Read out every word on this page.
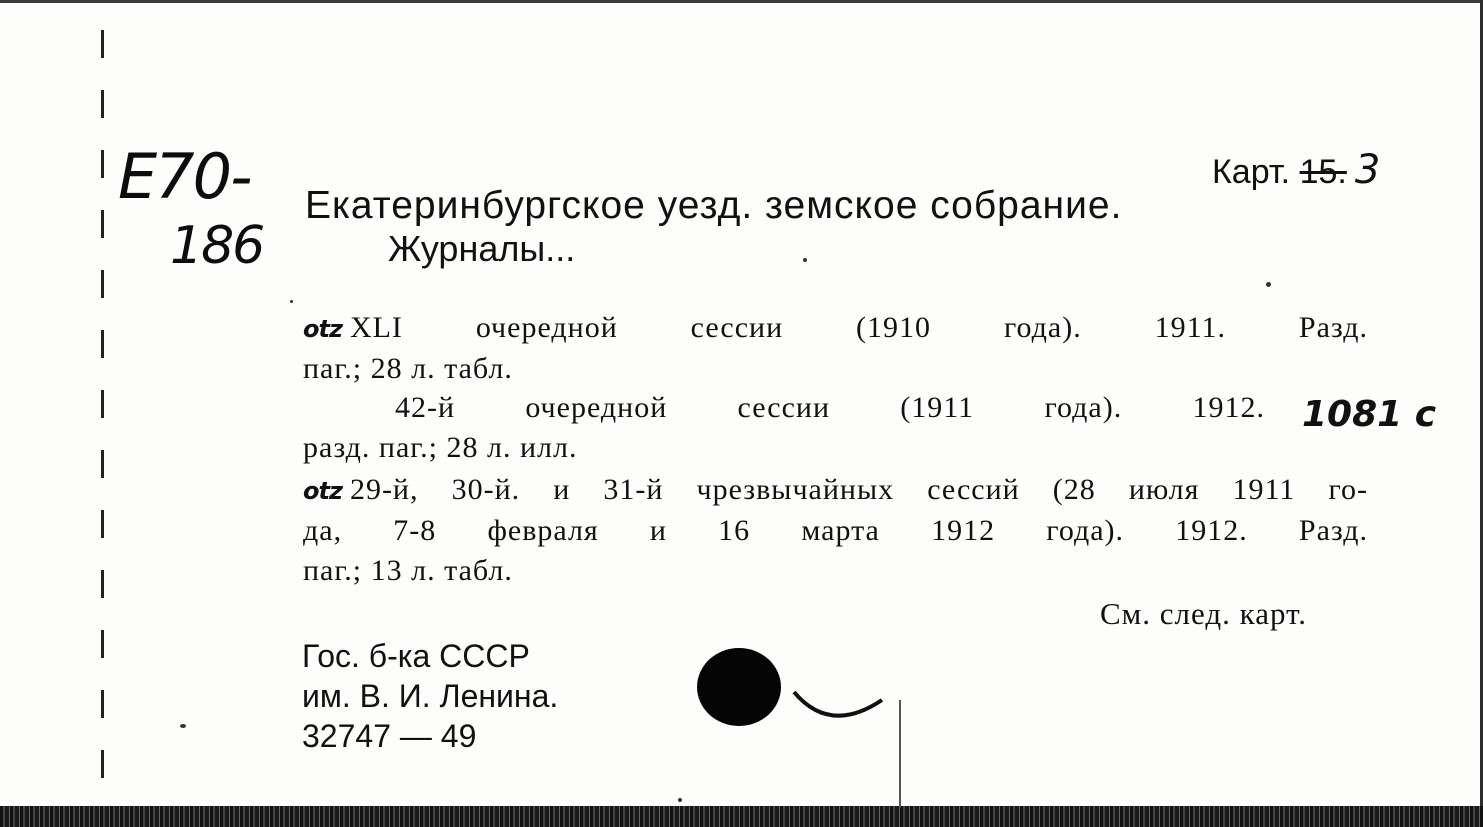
E70-
186
Карт. 15. 3
Екатеринбургское уезд. земское собрание.
Журналы...
otz XLI очередной сессии (1910 года). 1911. Разд.
паг.; 28 л. табл.
42-й очередной сессии (1911 года). 1912.
разд. паг.; 28 л. илл.
1081 с
otz 29-й, 30-й. и 31-й чрезвычайных сессий (28 июля 1911 го-
да, 7-8 февраля и 16 марта 1912 года). 1912. Разд.
паг.; 13 л. табл.
См. след. карт.
Гос. б-ка СССР
им. В. И. Ленина.
32747 — 49
